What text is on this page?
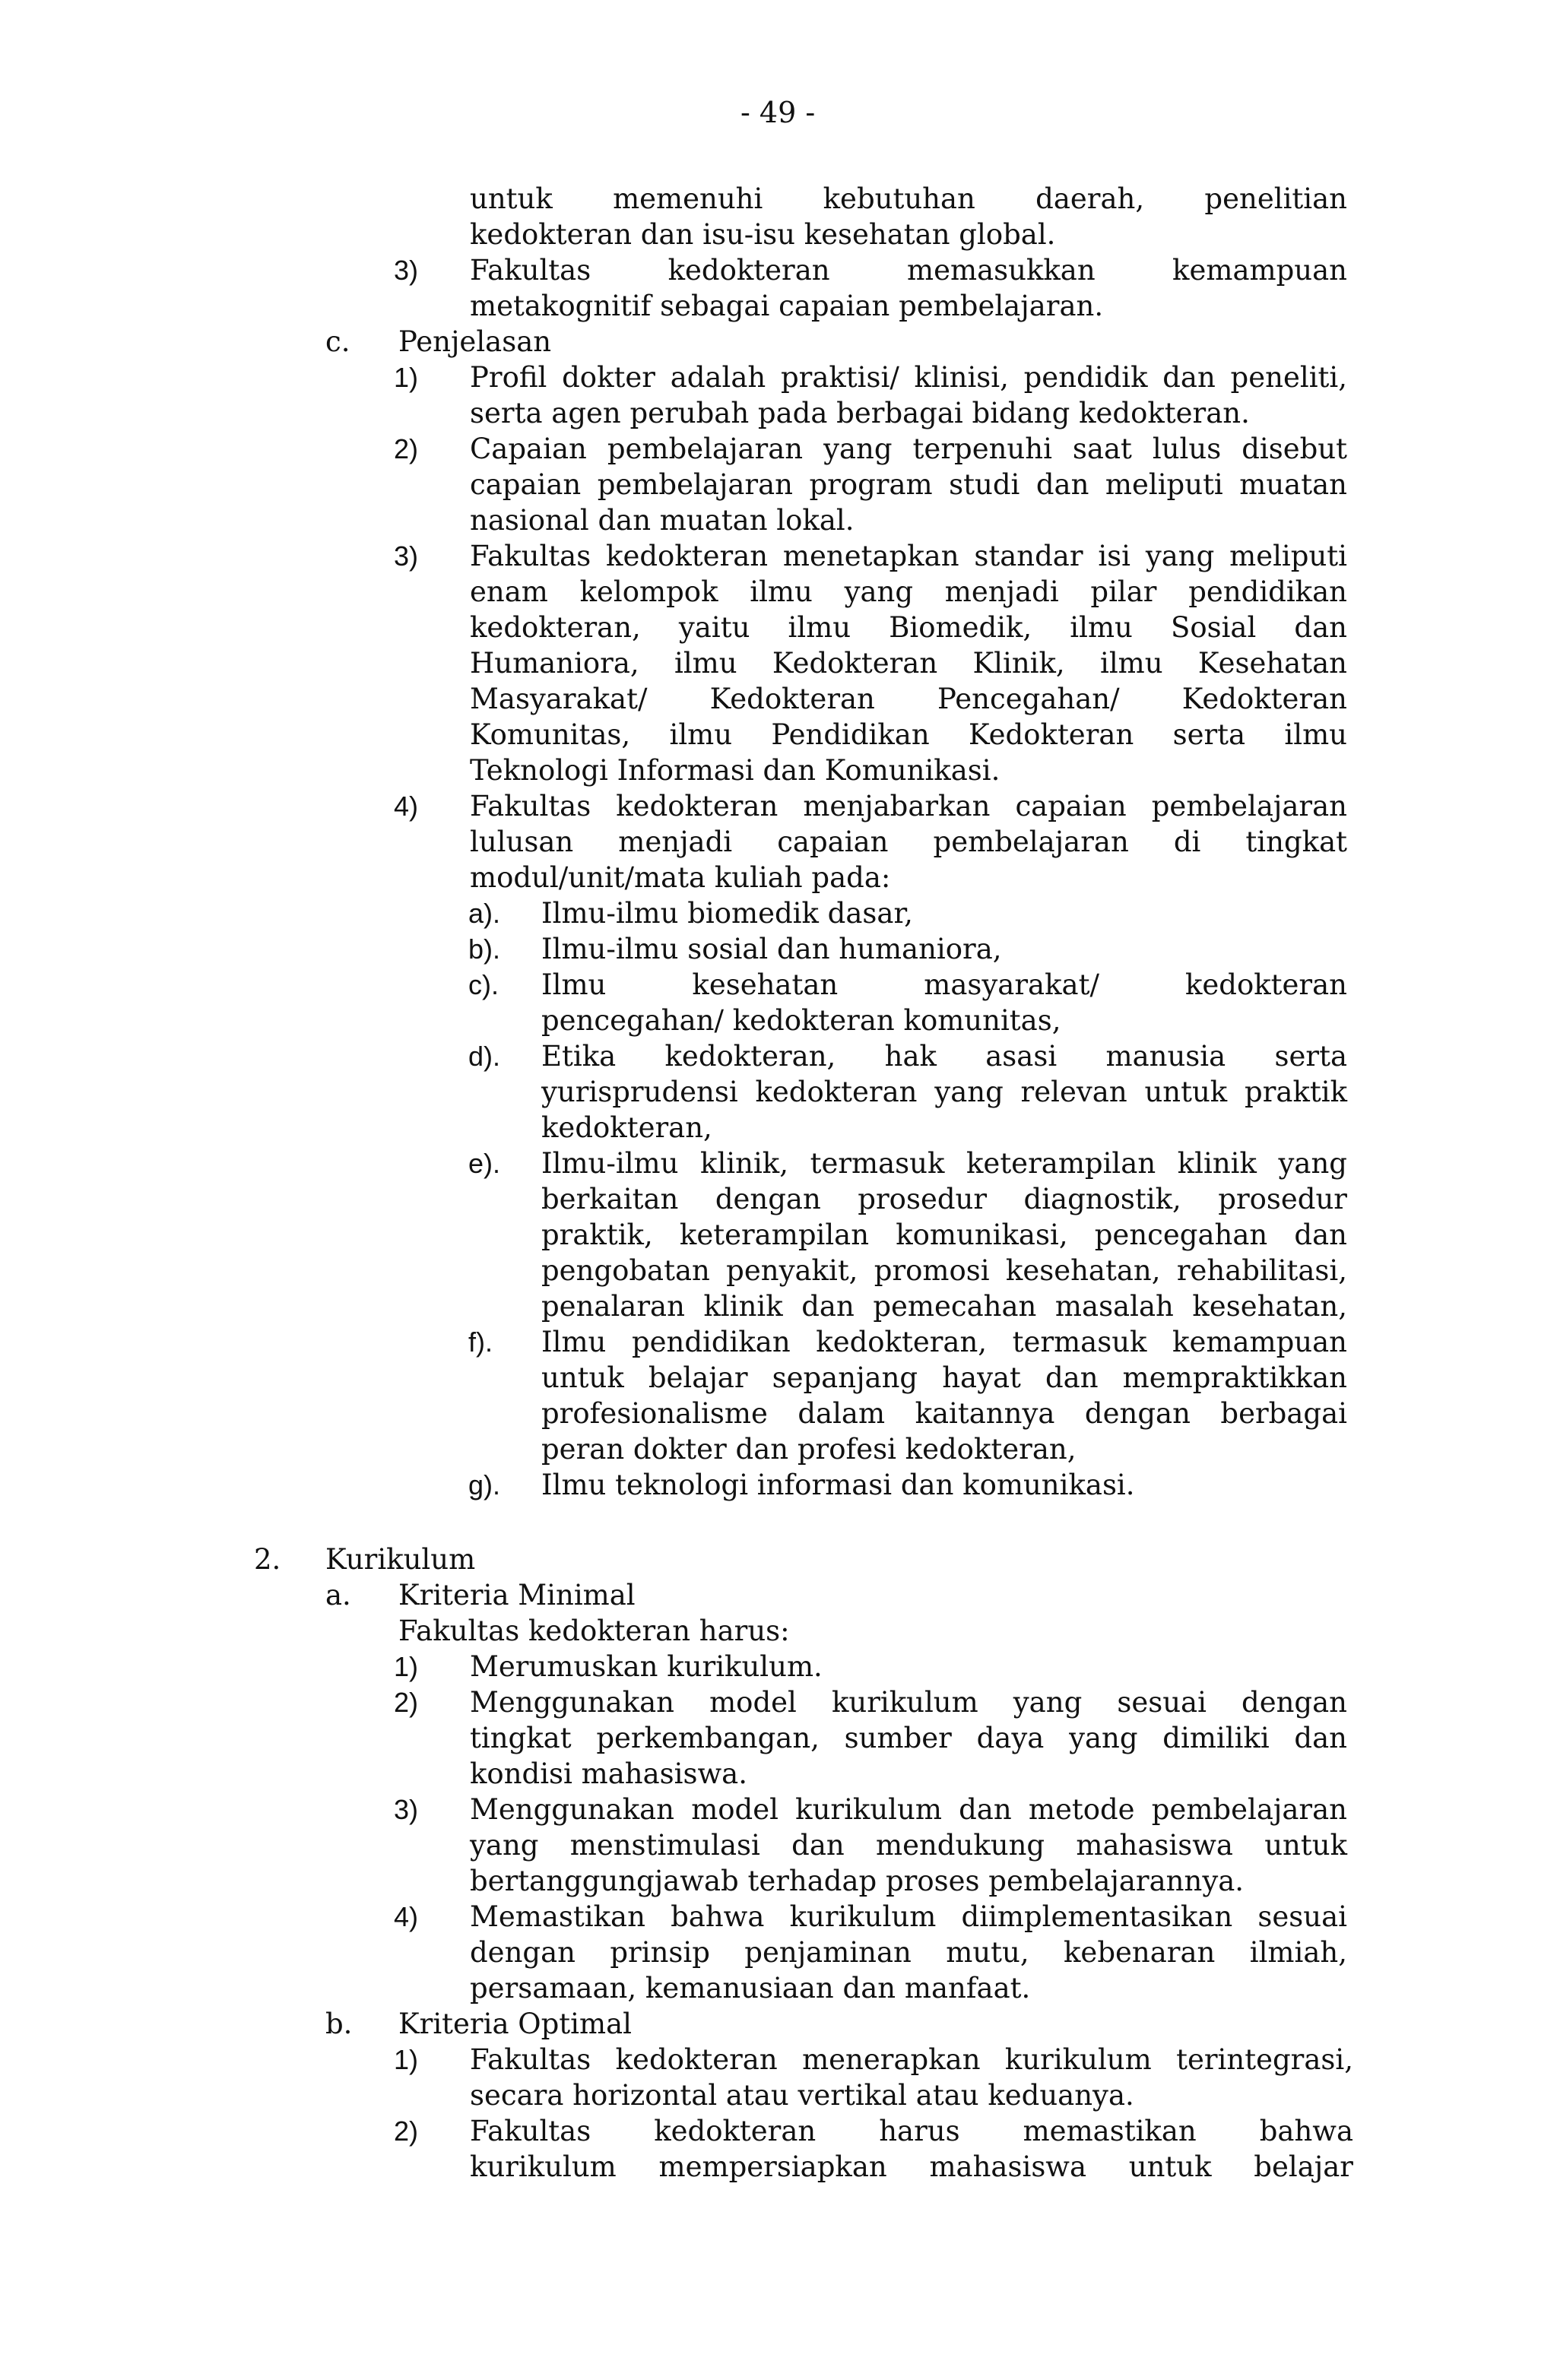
- 49 -
untuk memenuhi kebutuhan daerah, penelitian
kedokteran dan isu-isu kesehatan global.
3) Fakultas kedokteran memasukkan kemampuan
metakognitif sebagai capaian pembelajaran.
c. Penjelasan
1) Profil dokter adalah praktisi/ klinisi, pendidik dan peneliti,
serta agen perubah pada berbagai bidang kedokteran.
2) Capaian pembelajaran yang terpenuhi saat lulus disebut
capaian pembelajaran program studi dan meliputi muatan
nasional dan muatan lokal.
3) Fakultas kedokteran menetapkan standar isi yang meliputi
enam kelompok ilmu yang menjadi pilar pendidikan
kedokteran, yaitu ilmu Biomedik, ilmu Sosial dan
Humaniora, ilmu Kedokteran Klinik, ilmu Kesehatan
Masyarakat/ Kedokteran Pencegahan/ Kedokteran
Komunitas, ilmu Pendidikan Kedokteran serta ilmu
Teknologi Informasi dan Komunikasi.
4) Fakultas kedokteran menjabarkan capaian pembelajaran
lulusan menjadi capaian pembelajaran di tingkat
modul/unit/mata kuliah pada:
a). Ilmu-ilmu biomedik dasar,
b). Ilmu-ilmu sosial dan humaniora,
c). Ilmu kesehatan masyarakat/ kedokteran
pencegahan/ kedokteran komunitas,
d). Etika kedokteran, hak asasi manusia serta
yurisprudensi kedokteran yang relevan untuk praktik
kedokteran,
e). Ilmu-ilmu klinik, termasuk keterampilan klinik yang
berkaitan dengan prosedur diagnostik, prosedur
praktik, keterampilan komunikasi, pencegahan dan
pengobatan penyakit, promosi kesehatan, rehabilitasi,
penalaran klinik dan pemecahan masalah kesehatan,
f). Ilmu pendidikan kedokteran, termasuk kemampuan
untuk belajar sepanjang hayat dan mempraktikkan
profesionalisme dalam kaitannya dengan berbagai
peran dokter dan profesi kedokteran,
g). Ilmu teknologi informasi dan komunikasi.
2. Kurikulum
a. Kriteria Minimal
Fakultas kedokteran harus:
1) Merumuskan kurikulum.
2) Menggunakan model kurikulum yang sesuai dengan
tingkat perkembangan, sumber daya yang dimiliki dan
kondisi mahasiswa.
3) Menggunakan model kurikulum dan metode pembelajaran
yang menstimulasi dan mendukung mahasiswa untuk
bertanggungjawab terhadap proses pembelajarannya.
4) Memastikan bahwa kurikulum diimplementasikan sesuai
dengan prinsip penjaminan mutu, kebenaran ilmiah,
persamaan, kemanusiaan dan manfaat.
b. Kriteria Optimal
1) Fakultas kedokteran menerapkan kurikulum terintegrasi,
secara horizontal atau vertikal atau keduanya.
2) Fakultas kedokteran harus memastikan bahwa
kurikulum mempersiapkan mahasiswa untuk belajar
